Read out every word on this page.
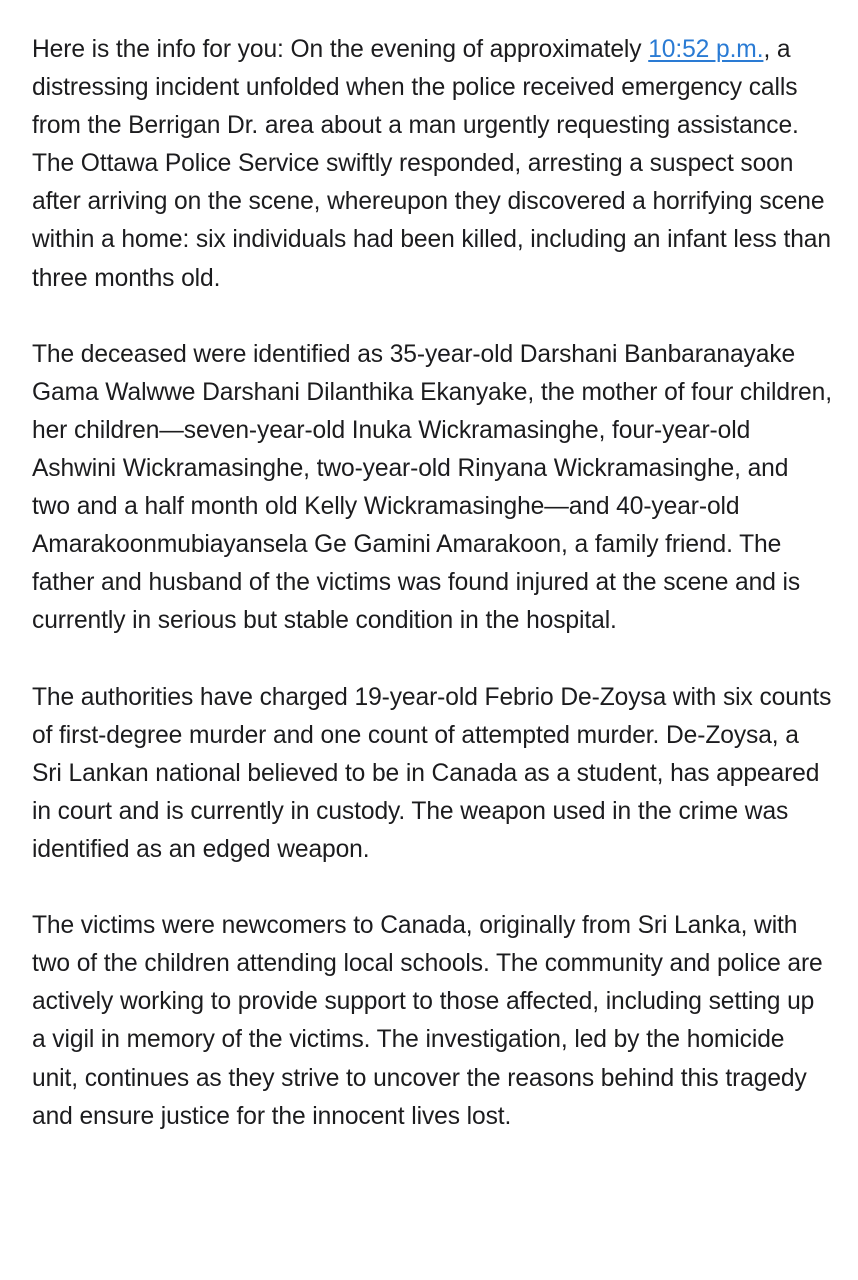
Here is the info for you: On the evening of approximately 10:52 p.m., a distressing incident unfolded when the police received emergency calls from the Berrigan Dr. area about a man urgently requesting assistance. The Ottawa Police Service swiftly responded, arresting a suspect soon after arriving on the scene, whereupon they discovered a horrifying scene within a home: six individuals had been killed, including an infant less than three months old.

The deceased were identified as 35-year-old Darshani Banbaranayake Gama Walwwe Darshani Dilanthika Ekanyake, the mother of four children, her children—seven-year-old Inuka Wickramasinghe, four-year-old Ashwini Wickramasinghe, two-year-old Rinyana Wickramasinghe, and two and a half month old Kelly Wickramasinghe—and 40-year-old Amarakoonmubiayansela Ge Gamini Amarakoon, a family friend. The father and husband of the victims was found injured at the scene and is currently in serious but stable condition in the hospital.

The authorities have charged 19-year-old Febrio De-Zoysa with six counts of first-degree murder and one count of attempted murder. De-Zoysa, a Sri Lankan national believed to be in Canada as a student, has appeared in court and is currently in custody. The weapon used in the crime was identified as an edged weapon.

The victims were newcomers to Canada, originally from Sri Lanka, with two of the children attending local schools. The community and police are actively working to provide support to those affected, including setting up a vigil in memory of the victims. The investigation, led by the homicide unit, continues as they strive to uncover the reasons behind this tragedy and ensure justice for the innocent lives lost.
